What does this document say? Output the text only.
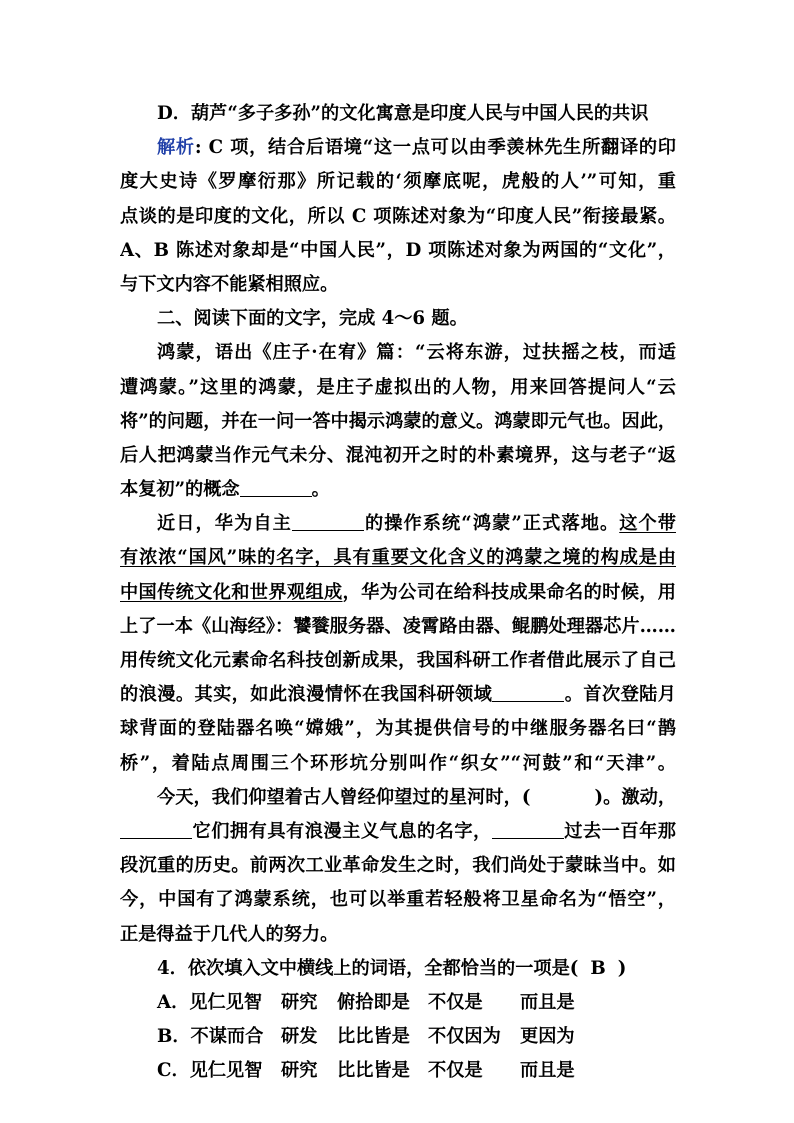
D．葫芦“多子多孙”的文化寓意是印度人民与中国人民的共识
解析: C 项，结合后语境“这一点可以由季羡林先生所翻译的印
度大史诗《罗摩衍那》所记载的‘须摩底呢，虎般的人’”可知，重
点谈的是印度的文化，所以 C 项陈述对象为“印度人民”衔接最紧。
A、B 陈述对象却是“中国人民”，D 项陈述对象为两国的“文化”，
与下文内容不能紧相照应。
二、阅读下面的文字，完成 4～6 题。
鸿蒙，语出《庄子·在宥》篇：“云将东游，过扶摇之枝，而适
遭鸿蒙。”这里的鸿蒙，是庄子虚拟出的人物，用来回答提问人“云
将”的问题，并在一问一答中揭示鸿蒙的意义。鸿蒙即元气也。因此，
后人把鸿蒙当作元气未分、混沌初开之时的朴素境界，这与老子“返
本复初”的概念	。
近日，华为自主	的操作系统“鸿蒙”正式落地。这个带
有浓浓“国风”味的名字，具有重要文化含义的鸿蒙之境的构成是由
中国传统文化和世界观组成，华为公司在给科技成果命名的时候，用
上了一本《山海经》：饕餮服务器、凌霄路由器、鲲鹏处理器芯片……
用传统文化元素命名科技创新成果，我国科研工作者借此展示了自己
的浪漫。其实，如此浪漫情怀在我国科研领域	。首次登陆月
球背面的登陆器名唤“嫦娥”，为其提供信号的中继服务器名曰“鹊
桥”，着陆点周围三个环形坑分别叫作“织女”“河鼓”和“天津”。
今天，我们仰望着古人曾经仰望过的星河时，(	)。激动，
它们拥有具有浪漫主义气息的名字，	过去一百年那
段沉重的历史。前两次工业革命发生之时，我们尚处于蒙昧当中。如
今，中国有了鸿蒙系统，也可以举重若轻般将卫星命名为“悟空”，
正是得益于几代人的努力。
4．依次填入文中横线上的词语，全都恰当的一项是( B )
A．见仁见智 研究 俯拾即是 不仅是 而且是
B．不谋而合 研发 比比皆是 不仅因为 更因为
C．见仁见智 研究 比比皆是 不仅是 而且是
